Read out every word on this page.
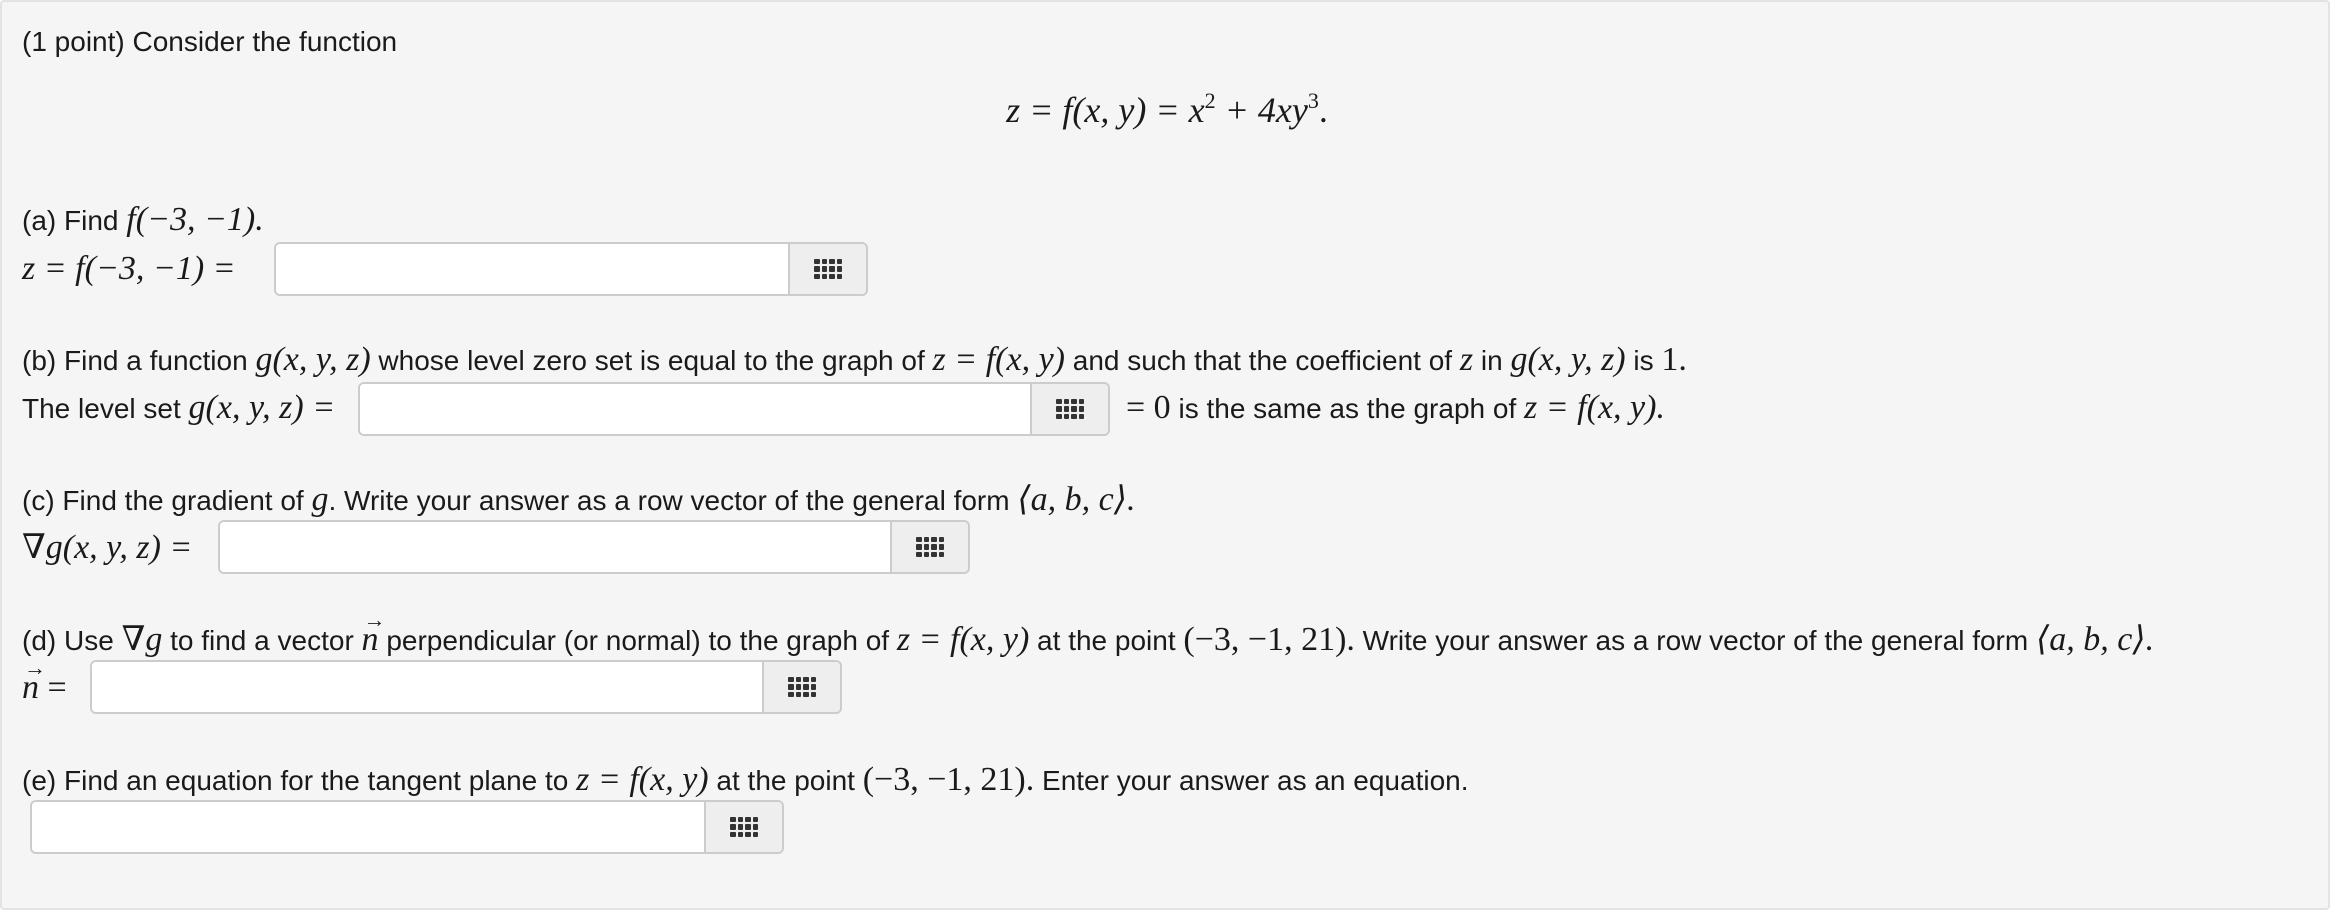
(1 point) Consider the function
z = f(x, $y) = x^2 + 4xy^3$.
(a) Find f(−3, −1).
z = f(−3, −1) =
(b) Find a function g(x, y, z) whose level zero set is equal to the graph of z = f(x, y) and such that the coefficient of z in g(x, y, z) is 1.
The level set g(x, y, z) =	= 0 is the same as the graph of z = f(x, y).
(c) Find the gradient of g. Write your answer as a row vector of the general form ⟨a, b, c⟩.
∇g(x, y, z) =
(d) Use ∇g to find a vector → n perpendicular (or normal) to the graph of z = f(x, y) at the point (−3, −1, 21). Write your answer as a row vector of the general form ⟨a, b, c⟩.
→ n =
(e) Find an equation for the tangent plane to z = f(x, y) at the point (−3, −1, 21). Enter your answer as an equation.
